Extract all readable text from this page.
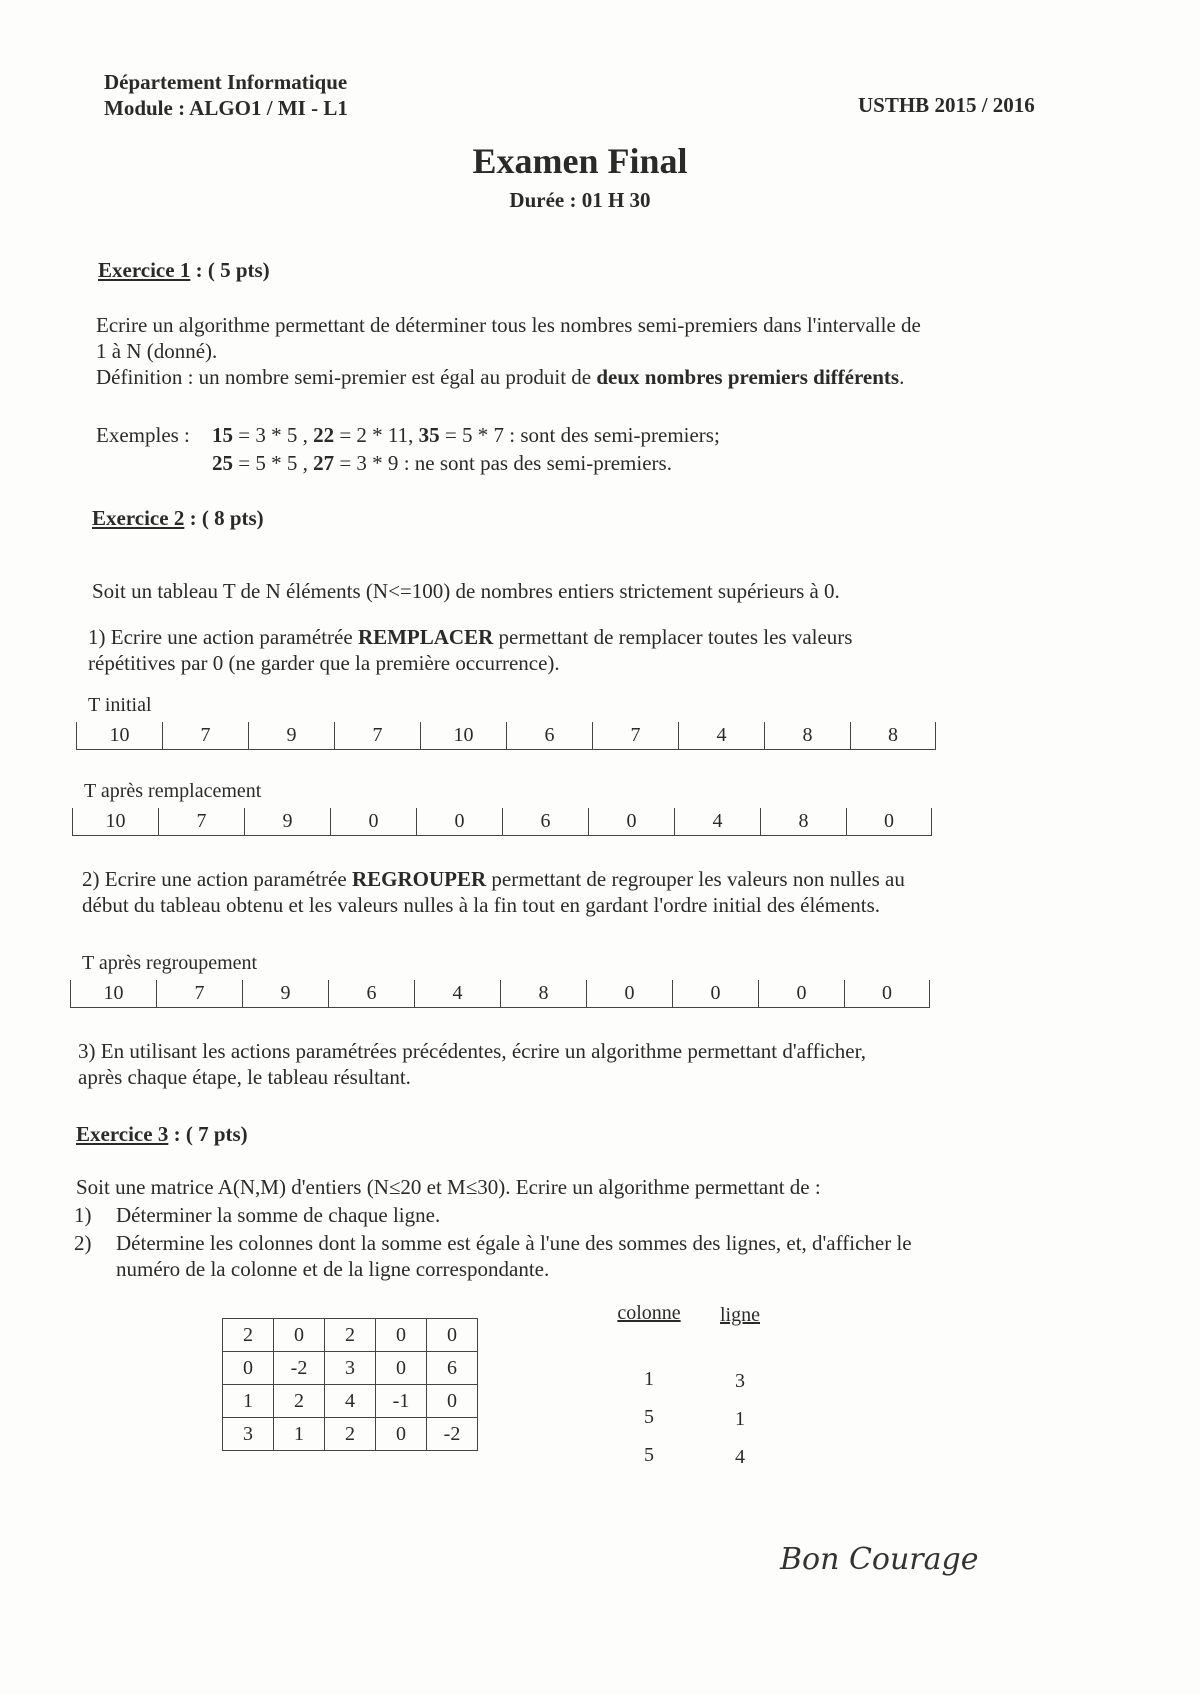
Département Informatique
Module : ALGO1 / MI - L1	USTHB 2015 / 2016
Examen Final
Durée : 01 H 30
Exercice 1 : ( 5 pts)
Ecrire un algorithme permettant de déterminer tous les nombres semi-premiers dans l'intervalle de
1 à N (donné).
Définition : un nombre semi-premier est égal au produit de deux nombres premiers différents.
Exemples : 15 = 3 * 5 , 22 = 2 * 11, 35 = 5 * 7 : sont des semi-premiers;
25 = 5 * 5 , 27 = 3 * 9 : ne sont pas des semi-premiers.
Exercice 2 : ( 8 pts)
Soit un tableau T de N éléments (N<=100) de nombres entiers strictement supérieurs à 0.
1) Ecrire une action paramétrée REMPLACER permettant de remplacer toutes les valeurs
répétitives par 0 (ne garder que la première occurrence).
T initial
10	7	9	7	10	6	7	4	8	8
T après remplacement
10	7	9	0	0	6	0	4	8	0
2) Ecrire une action paramétrée REGROUPER permettant de regrouper les valeurs non nulles au
début du tableau obtenu et les valeurs nulles à la fin tout en gardant l'ordre initial des éléments.
T après regroupement
10	7	9	6	4	8	0	0	0	0
3) En utilisant les actions paramétrées précédentes, écrire un algorithme permettant d'afficher,
après chaque étape, le tableau résultant.
Exercice 3 : ( 7 pts)
Soit une matrice A(N,M) d'entiers (N≤20 et M≤30). Ecrire un algorithme permettant de :
1) Déterminer la somme de chaque ligne.
2) Détermine les colonnes dont la somme est égale à l'une des sommes des lignes, et, d'afficher le
numéro de la colonne et de la ligne correspondante.
2	0	2	0	0
0	-2	3	0	6
1	2	4	-1	0
3	1	2	0	-2
colonne	ligne
1	3
5	1
5	4
Bon Courage
